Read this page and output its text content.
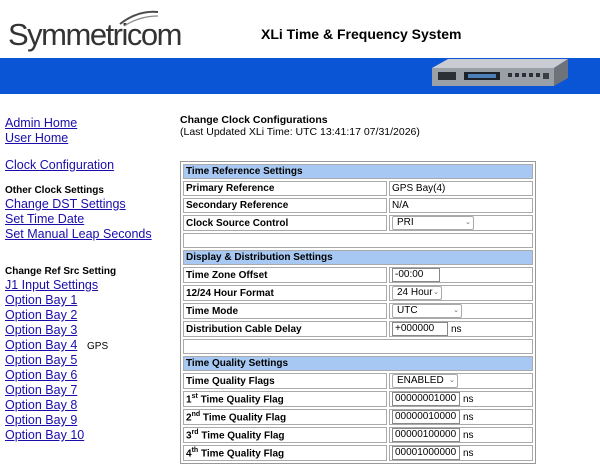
Symmetricom	XLi Time & Frequency System
Admin Home
User Home
Clock Configuration
Other Clock Settings
Change DST Settings
Set Time Date
Set Manual Leap Seconds
Change Ref Src Setting
J1 Input Settings
Option Bay 1
Option Bay 2
Option Bay 3
Option Bay 4 GPS
Option Bay 5
Option Bay 6
Option Bay 7
Option Bay 8
Option Bay 9
Option Bay 10
Change Clock Configurations
(Last Updated XLi Time: UTC 13:41:17 07/31/2026)
Time Reference Settings	
Primary Reference	GPS Bay(4)
Secondary Reference	N/A
Clock Source Control	PRI ⌄

Display & Distribution Settings	
Time Zone Offset	-00:00
12/24 Hour Format	24 Hour ⌄

Time Mode	UTC ⌄

Distribution Cable Delay	+000000 ns

Time Quality Settings	
Time Quality Flags	ENABLED ⌄

1st Time Quality Flag	00000001000 ns
2nd Time Quality Flag	00000010000 ns
3rd Time Quality Flag	00000100000 ns
4th Time Quality Flag	00001000000 ns
